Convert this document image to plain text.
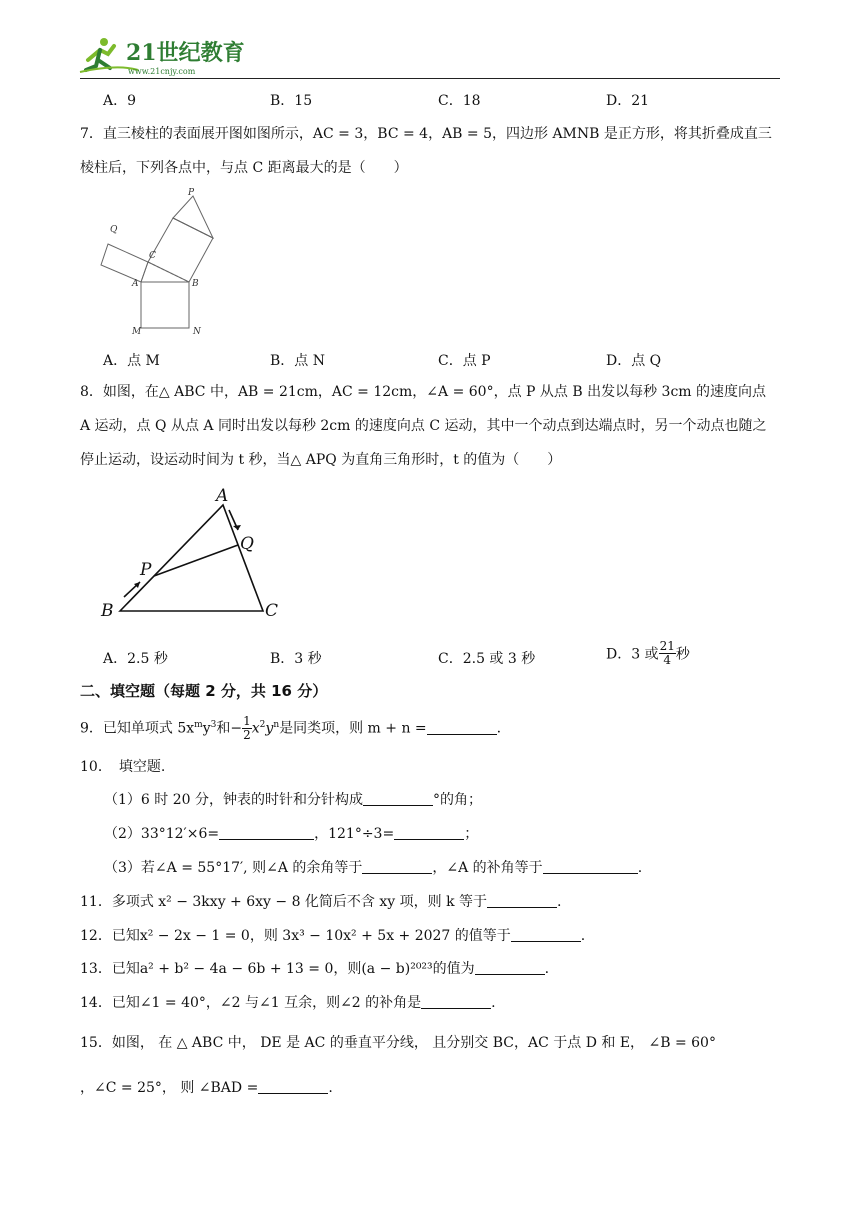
21世纪教育
www.21cnjy.com
A．9	B．15	C．18	D．21
7．直三棱柱的表面展开图如图所示，AC = 3，BC = 4，AB = 5，四边形 AMNB 是正方形，将其折叠成直三棱柱后，下列各点中，与点 C 距离最大的是（　　）
P
Q
C
A	B
M	N
A．点 M	B．点 N	C．点 P	D．点 Q
8．如图，在△ ABC 中，AB = 21cm，AC = 12cm，∠A = 60°，点 P 从点 B 出发以每秒 3cm 的速度向点 A 运动，点 Q 从点 A 同时出发以每秒 2cm 的速度向点 C 运动，其中一个动点到达端点时，另一个动点也随之停止运动，设运动时间为 t 秒，当△ APQ 为直角三角形时，t 的值为（　　）
A
Q
P
B	C
A．2.5 秒	B．3 秒	C．2.5 或 3 秒	D．3 或 $\frac{21}{4}$ 秒
二、填空题（每题 2 分，共 16 分）
9．已知单项式 $5x^my^3$和− $\frac{1}{2} x^2y^n$是同类项，则 m + n =	.
10．　填空题.
（1）6 时 20 分，钟表的时针和分针构成	°的角；
（2）33°12′×6=	，121°÷3=	；
（3）若∠A = 55°17′, 则∠A 的余角等于	，∠A 的补角等于	.
11．多项式 x² − 3kxy + 6xy − 8 化简后不含 xy 项，则 k 等于	.
12．已知x² − 2x − 1 = 0，则 3x³ − 10x² + 5x + 2027 的值等于	.
13．已知a² + b² − 4a − 6b + 13 = 0，则(a − b)²⁰²³的值为	.
14．已知∠1 = 40°，∠2 与∠1 互余，则∠2 的补角是	.
15．如图， 在 △ ABC 中， DE 是 AC 的垂直平分线， 且分别交 BC，AC 于点 D 和 E， ∠B = 60°
，∠C = 25°， 则 ∠BAD =	.
